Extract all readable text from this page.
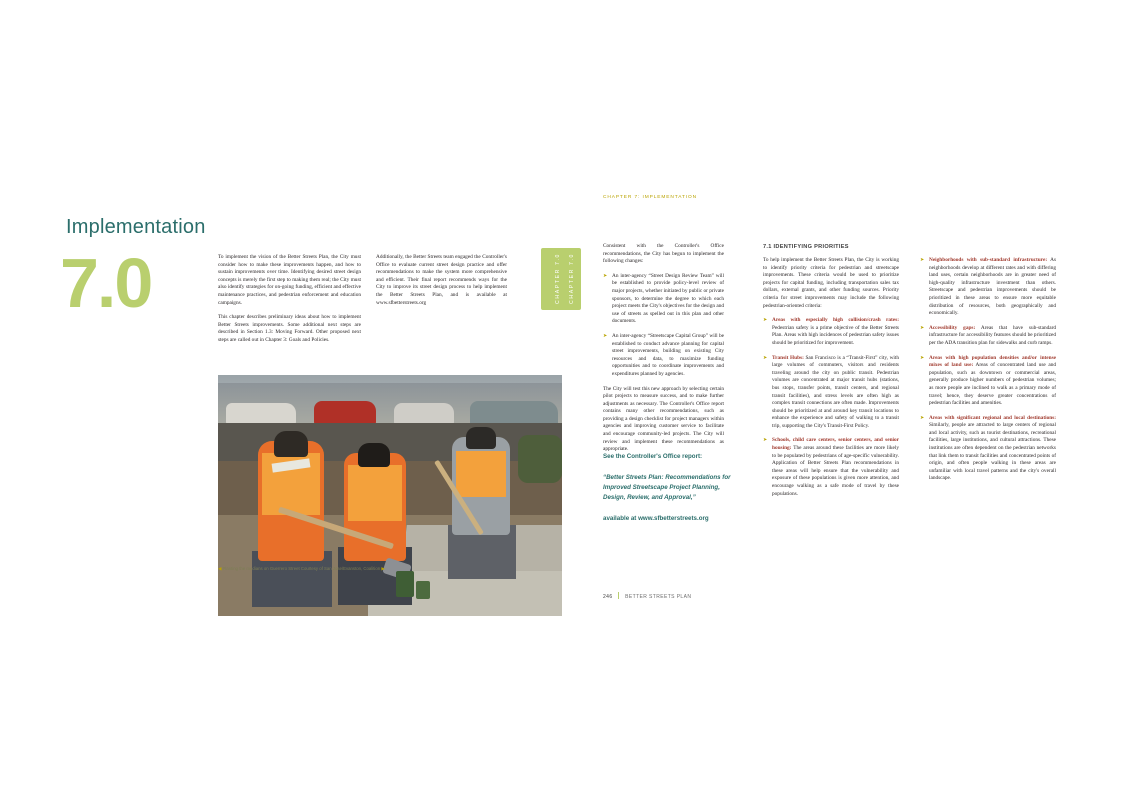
Implementation
7.0	To implement the vision of the Better Streets Plan, the City must consider how to make these improvements happen, and how to sustain improvements over time. Identifying desired street design concepts is merely the first step to making them real; the City must also identify strategies for on-going funding, efficient and effective maintenance practices, and pedestrian enforcement and education campaigns.

This chapter describes preliminary ideas about how to implement Better Streets improvements. Some additional next steps are described in Section 1.3: Moving Forward. Other proposed next steps are called out in Chapter 3: Goals and Policies.

Additionally, the Better Streets team engaged the Controller's Office to evaluate current street design practice and offer recommendations to make the system more comprehensive and efficient. Their final report recommends ways for the City to improve its street design process to help implement the Better Streets Plan, and is available at www.sfbetterstreets.org	CHAPTER 7.0 CHAPTER 7.0
◀ Planting the medians on Guerrero Street Courtesy of San Jose/Evanston, Coalition ▶
CHAPTER 7: IMPLEMENTATION

Consistent with the Controller's Office recommendations, the City has begun to implement the following changes:

➤ An inter-agency “Street Design Review Team” will be established to provide policy-level review of major projects, whether initiated by public or private sponsors, to determine the degree to which each project meets the City's objectives for the design and use of streets as spelled out in this plan and other documents.
➤ An inter-agency “Streetscape Capital Group” will be established to conduct advance planning for capital street improvements, building on existing City resources and data, to maximize funding opportunities and to coordinate improvements and expenditures planned by agencies.

The City will test this new approach by selecting certain pilot projects to measure success, and to make further adjustments as necessary. The Controller's Office report contains many other recommendations, such as providing a design checklist for project managers within agencies and improving customer service to facilitate and encourage community-led projects. The City will review and implement these recommendations as appropriate.

See the Controller's Office report:
“Better Streets Plan: Recommendations for Improved Streetscape Project Planning, Design, Review, and Approval,”
available at www.sfbetterstreets.org
246	BETTER STREETS PLAN
7.1 IDENTIFYING PRIORITIES

To help implement the Better Streets Plan, the City is working to identify priority criteria for pedestrian and streetscape improvements. These criteria would be used to prioritize projects for capital funding, including transportation sales tax dollars, external grants, and other funding sources. Priority criteria for street improvements may include the following pedestrian-oriented criteria:

➤ Areas with especially high collision/crash rates: Pedestrian safety is a prime objective of the Better Streets Plan. Areas with high incidences of pedestrian safety issues should be prioritized for improvement.
➤ Transit Hubs: San Francisco is a “Transit-First” city, with large volumes of commuters, visitors and residents traveling around the city on public transit. Pedestrian volumes are concentrated at major transit hubs (stations, bus stops, transfer points, transit centers, and regional transit facilities), and stress levels are often high as complex transit connections are often made. Improvements should be prioritized at and around key transit locations to enhance the experience and safety of walking to a transit trip, supporting the City's Transit-First Policy.
➤ Schools, child care centers, senior centers, and senior housing: The areas around these facilities are more likely to be populated by pedestrians of age-specific vulnerability. Application of Better Streets Plan recommendations in these areas will help ensure that the vulnerability and exposure of these populations is given more attention, and encourage walking as a safe mode of travel by these populations.
➤ Neighborhoods with sub-standard infrastructure: As neighborhoods develop at different rates and with differing land uses, certain neighborhoods are in greater need of high-quality infrastructure investment than others. Streetscape and pedestrian improvements should be prioritized in these areas to ensure more equitable distribution of resources, both geographically and economically.
➤ Accessibility gaps: Areas that have sub-standard infrastructure for accessibility features should be prioritized per the ADA transition plan for sidewalks and curb ramps.
➤ Areas with high population densities and/or intense mixes of land use: Areas of concentrated land use and population, such as downtown or commercial areas, generally produce higher numbers of pedestrian volumes; as more people are inclined to walk as a primary mode of travel; hence, they deserve greater concentrations of pedestrian facilities and amenities.
➤ Areas with significant regional and local destinations: Similarly, people are attracted to large centers of regional and local activity, such as tourist destinations, recreational facilities, large institutions, and cultural attractions. These institutions are often dependent on the pedestrian networks that link them to transit facilities and concentrated points of origin, and often people walking in these areas are unfamiliar with local travel patterns and the city's overall landscape.
